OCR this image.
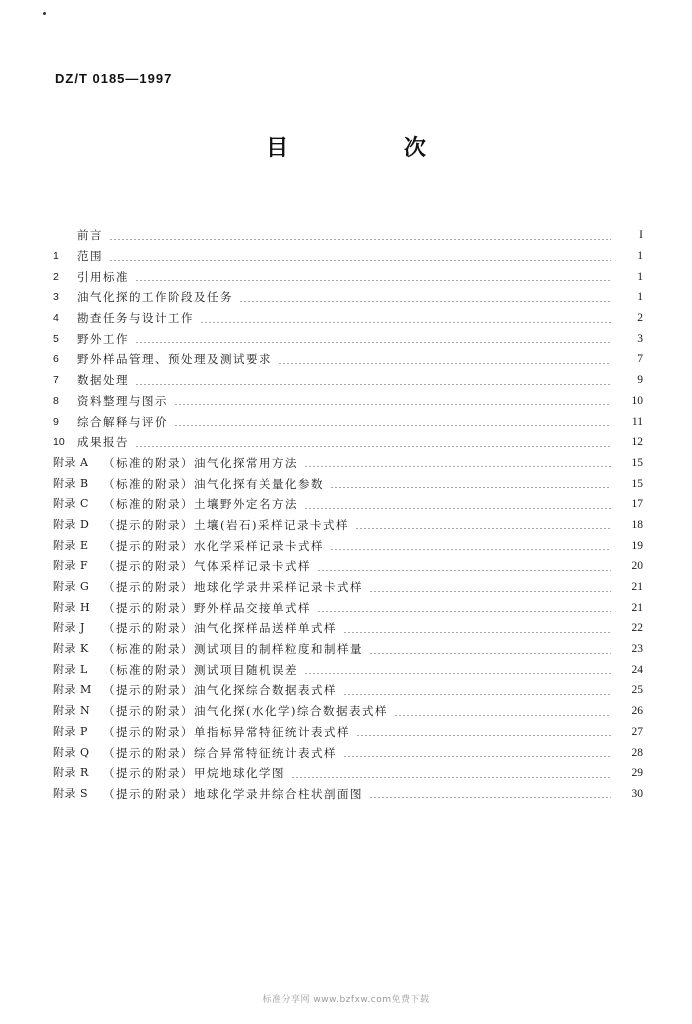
DZ/T 0185—1997
目 次
前言	I
1	范围	1
2	引用标准	1
3	油气化探的工作阶段及任务	1
4	勘查任务与设计工作	2
5	野外工作	3
6	野外样品管理、预处理及测试要求	7
7	数据处理	9
8	资料整理与图示	10
9	综合解释与评价	11
10	成果报告	12
附录 A	（标准的附录）油气化探常用方法	15
附录 B	（标准的附录）油气化探有关量化参数	15
附录 C	（标准的附录）土壤野外定名方法	17
附录 D	（提示的附录）土壤(岩石)采样记录卡式样	18
附录 E	（提示的附录）水化学采样记录卡式样	19
附录 F	（提示的附录）气体采样记录卡式样	20
附录 G	（提示的附录）地球化学录井采样记录卡式样	21
附录 H	（提示的附录）野外样品交接单式样	21
附录 J	（提示的附录）油气化探样品送样单式样	22
附录 K	（标准的附录）测试项目的制样粒度和制样量	23
附录 L	（标准的附录）测试项目随机误差	24
附录 M （提示的附录）油气化探综合数据表式样	25
附录 N	（提示的附录）油气化探(水化学)综合数据表式样	26
附录 P	（提示的附录）单指标异常特征统计表式样	27
附录 Q	（提示的附录）综合异常特征统计表式样	28
附录 R	（提示的附录）甲烷地球化学图	29
附录 S	（提示的附录）地球化学录井综合柱状剖面图	30
标准分享网 www.bzfxw.com免费下载
